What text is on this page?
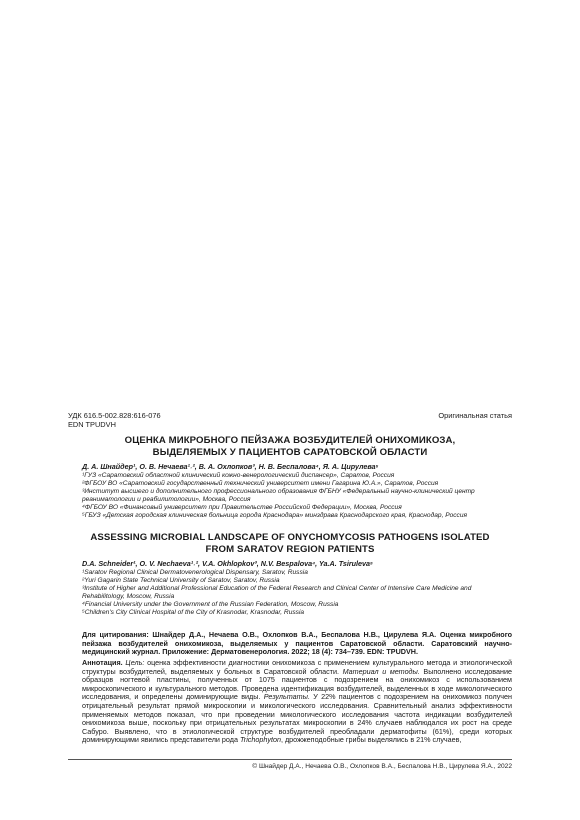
УДК 616.5-002.828:616-076
EDN TPUDVH
Оригинальная статья
ОЦЕНКА МИКРОБНОГО ПЕЙЗАЖА ВОЗБУДИТЕЛЕЙ ОНИХОМИКОЗА,
ВЫДЕЛЯЕМЫХ У ПАЦИЕНТОВ САРАТОВСКОЙ ОБЛАСТИ
Д. А. Шнайдер¹, О. В. Нечаева¹˒², В. А. Охлопков³, Н. В. Беспалова⁴, Я. А. Цирулева⁵
¹ГУЗ «Саратовский областной клинический кожно-венерологический диспансер», Саратов, Россия
²ФГБОУ ВО «Саратовский государственный технический университет имени Гагарина Ю.А.», Саратов, Россия
³Институт высшего и дополнительного профессионального образования ФГБНУ «Федеральный научно-клинический центр реаниматологии и реабилитологии», Москва, Россия
⁴ФГБОУ ВО «Финансовый университет при Правительстве Российской Федерации», Москва, Россия
⁵ГБУЗ «Детская городская клиническая больница города Краснодара» минздрава Краснодарского края, Краснодар, Россия
ASSESSING MICROBIAL LANDSCAPE OF ONYCHOMYCOSIS PATHOGENS ISOLATED
FROM SARATOV REGION PATIENTS
D.A. Schneider¹, O. V. Nechaeva¹˒², V.A. Okhlopkov³, N.V. Bespalova⁴, Ya.A. Tsiruleva⁵
¹Saratov Regional Clinical Dermatovenerological Dispensary, Saratov, Russia
²Yuri Gagarin State Technical University of Saratov, Saratov, Russia
³Institute of Higher and Additional Professional Education of the Federal Research and Clinical Center of Intensive Care Medicine and Rehabilitology, Moscow, Russia
⁴Financial University under the Government of the Russian Federation, Moscow, Russia
⁵Children's City Clinical Hospital of the City of Krasnodar, Krasnodar, Russia
Для цитирования: Шнайдер Д.А., Нечаева О.В., Охлопков В.А., Беспалова Н.В., Цирулева Я.А. Оценка микробного пейзажа возбудителей онихомикоза, выделяемых у пациентов Саратовской области. Саратовский научно-медицинский журнал. Приложение: Дерматовенерология. 2022; 18 (4): 734–739. EDN: TPUDVH.
Аннотация. Цель: оценка эффективности диагностики онихомикоза с применением культурального метода и этиологической структуры возбудителей, выделяемых у больных в Саратовской области. Материал и методы. Выполнено исследование образцов ногтевой пластины, полученных от 1075 пациентов с подозрением на онихомикоз с использованием микроскопического и культурального методов. Проведена идентификация возбудителей, выделенных в ходе микологического исследования, и определены доминирующие виды. Результаты. У 22% пациентов с подозрением на онихомикоз получен отрицательный результат прямой микроскопии и микологического исследования. Сравнительный анализ эффективности применяемых методов показал, что при проведении микологического исследования частота индикации возбудителей онихомикоза выше, поскольку при отрицательных результатах микроскопии в 24% случаев наблюдался их рост на среде Сабуро. Выявлено, что в этиологической структуре возбудителей преобладали дерматофиты (61%), среди которых доминирующими явились представители рода Trichophyton, дрожжеподобные грибы выделялись в 21% случаев,
© Шнайдер Д.А., Нечаева О.В., Охлопков В.А., Беспалова Н.В., Цирулева Я.А., 2022
